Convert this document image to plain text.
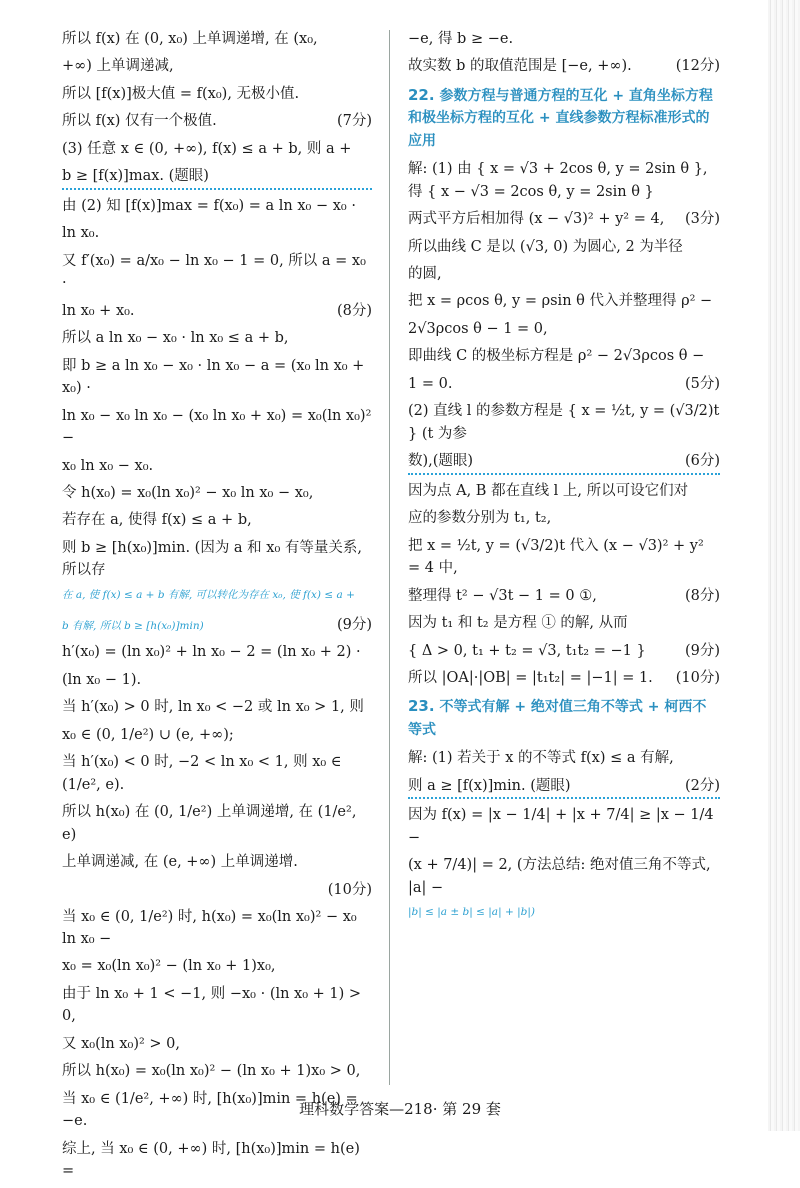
所以 f(x) 在 (0, x₀) 上单调递增, 在 (x₀,
+∞) 上单调递减,
所以 [f(x)]极大值 = f(x₀), 无极小值.
所以 f(x) 仅有一个极值.	(7分)
(3) 任意 x ∈ (0, +∞), f(x) ≤ a + b, 则 a +
b ≥ [f(x)]max. (题眼)
由 (2) 知 [f(x)]max = f(x₀) = a ln x₀ − x₀ ·
ln x₀.
又 f′(x₀) = a/x₀ − ln x₀ − 1 = 0, 所以 a = x₀ ·
ln x₀ + x₀.	(8分)
所以 a ln x₀ − x₀ · ln x₀ ≤ a + b,
即 b ≥ a ln x₀ − x₀ · ln x₀ − a = (x₀ ln x₀ + x₀) ·
ln x₀ − x₀ ln x₀ − (x₀ ln x₀ + x₀) = x₀(ln x₀)² −
x₀ ln x₀ − x₀.
令 h(x₀) = x₀(ln x₀)² − x₀ ln x₀ − x₀,
若存在 a, 使得 f(x) ≤ a + b,
则 b ≥ [h(x₀)]min. (因为 a 和 x₀ 有等量关系, 所以存
在 a, 使 f(x) ≤ a + b 有解, 可以转化为存在 x₀, 使 f(x) ≤ a +
b 有解, 所以 b ≥ [h(x₀)]min)	(9分)
h′(x₀) = (ln x₀)² + ln x₀ − 2 = (ln x₀ + 2) ·
(ln x₀ − 1).
当 h′(x₀) > 0 时, ln x₀ < −2 或 ln x₀ > 1, 则
x₀ ∈ (0, 1/e²) ∪ (e, +∞);
当 h′(x₀) < 0 时, −2 < ln x₀ < 1, 则 x₀ ∈ (1/e², e).
所以 h(x₀) 在 (0, 1/e²) 上单调递增, 在 (1/e², e)
上单调递减, 在 (e, +∞) 上单调递增.
(10分)
当 x₀ ∈ (0, 1/e²) 时, h(x₀) = x₀(ln x₀)² − x₀ ln x₀ −
x₀ = x₀(ln x₀)² − (ln x₀ + 1)x₀,
由于 ln x₀ + 1 < −1, 则 −x₀ · (ln x₀ + 1) > 0,
又 x₀(ln x₀)² > 0,
所以 h(x₀) = x₀(ln x₀)² − (ln x₀ + 1)x₀ > 0,
当 x₀ ∈ (1/e², +∞) 时, [h(x₀)]min = h(e) = −e.
综上, 当 x₀ ∈ (0, +∞) 时, [h(x₀)]min = h(e) =
−e, 得 b ≥ −e.
故实数 b 的取值范围是 [−e, +∞).	(12分)
22. 参数方程与普通方程的互化 + 直角坐标方程和极坐标方程的互化 + 直线参数方程标准形式的应用
解: (1) 由 { x = √3 + 2cos θ, y = 2sin θ }, 得 { x − √3 = 2cos θ, y = 2sin θ }
两式平方后相加得 (x − √3)² + y² = 4, (3分)
所以曲线 C 是以 (√3, 0) 为圆心, 2 为半径
的圆,
把 x = ρcos θ, y = ρsin θ 代入并整理得 ρ² −
2√3ρcos θ − 1 = 0,
即曲线 C 的极坐标方程是 ρ² − 2√3ρcos θ −
1 = 0.	(5分)
(2) 直线 l 的参数方程是 { x = ½t, y = (√3/2)t } (t 为参
数),(题眼)	(6分)
因为点 A, B 都在直线 l 上, 所以可设它们对
应的参数分别为 t₁, t₂,
把 x = ½t, y = (√3/2)t 代入 (x − √3)² + y² = 4 中,
整理得 t² − √3t − 1 = 0 ①,	(8分)
因为 t₁ 和 t₂ 是方程 ① 的解, 从而
{ Δ > 0, t₁ + t₂ = √3, t₁t₂ = −1 }	(9分)
所以 |OA|·|OB| = |t₁t₂| = |−1| = 1. (10分)
23. 不等式有解 + 绝对值三角不等式 + 柯西不等式
解: (1) 若关于 x 的不等式 f(x) ≤ a 有解,
则 a ≥ [f(x)]min. (题眼)	(2分)
因为 f(x) = |x − 1/4| + |x + 7/4| ≥ |x − 1/4 −
(x + 7/4)| = 2, (方法总结: 绝对值三角不等式, |a| −
|b| ≤ |a ± b| ≤ |a| + |b|)
理科数学答案—218· 第 29 套
